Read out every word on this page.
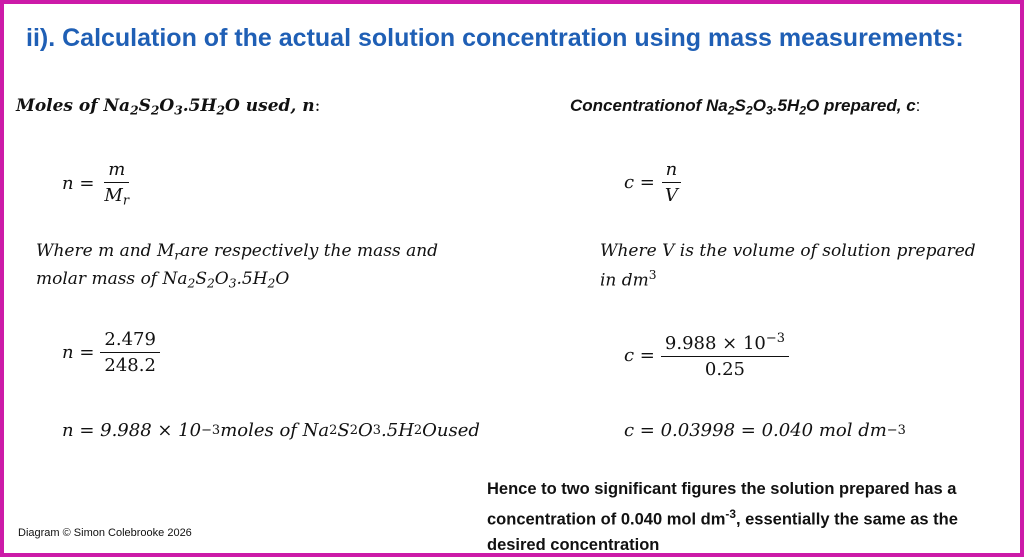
ii). Calculation of the actual solution concentration using mass measurements:
Moles of $Na_2S_2O_3.5H_2O$ used, n:
$n = \frac{m}{M_r}$
Where m and $M_rare$ respectively the mass and
molar mass of $Na_2S_2O_3.5H_2O$
$n = \frac{2.479}{248.2}$
n = 9.988 × 10 −3 moles of Na 2 S 2 O 3 .5H 2 O used
Concentrationof $Na_2S_2O_3.5H_2O$ prepared, c:
$c = \frac{n}{V}$
Where V is the volume of solution prepared
in $dm^3$
$c = \frac{9.988 \times 10^{-3}}{0.25}$
c = 0.03998 = 0.040 mol dm −3
Hence to two significant figures the solution prepared has a concentration of 0.040 mol $dm^{-3}$, essentially the same as the desired concentration
Diagram © Simon Colebrooke 2026
